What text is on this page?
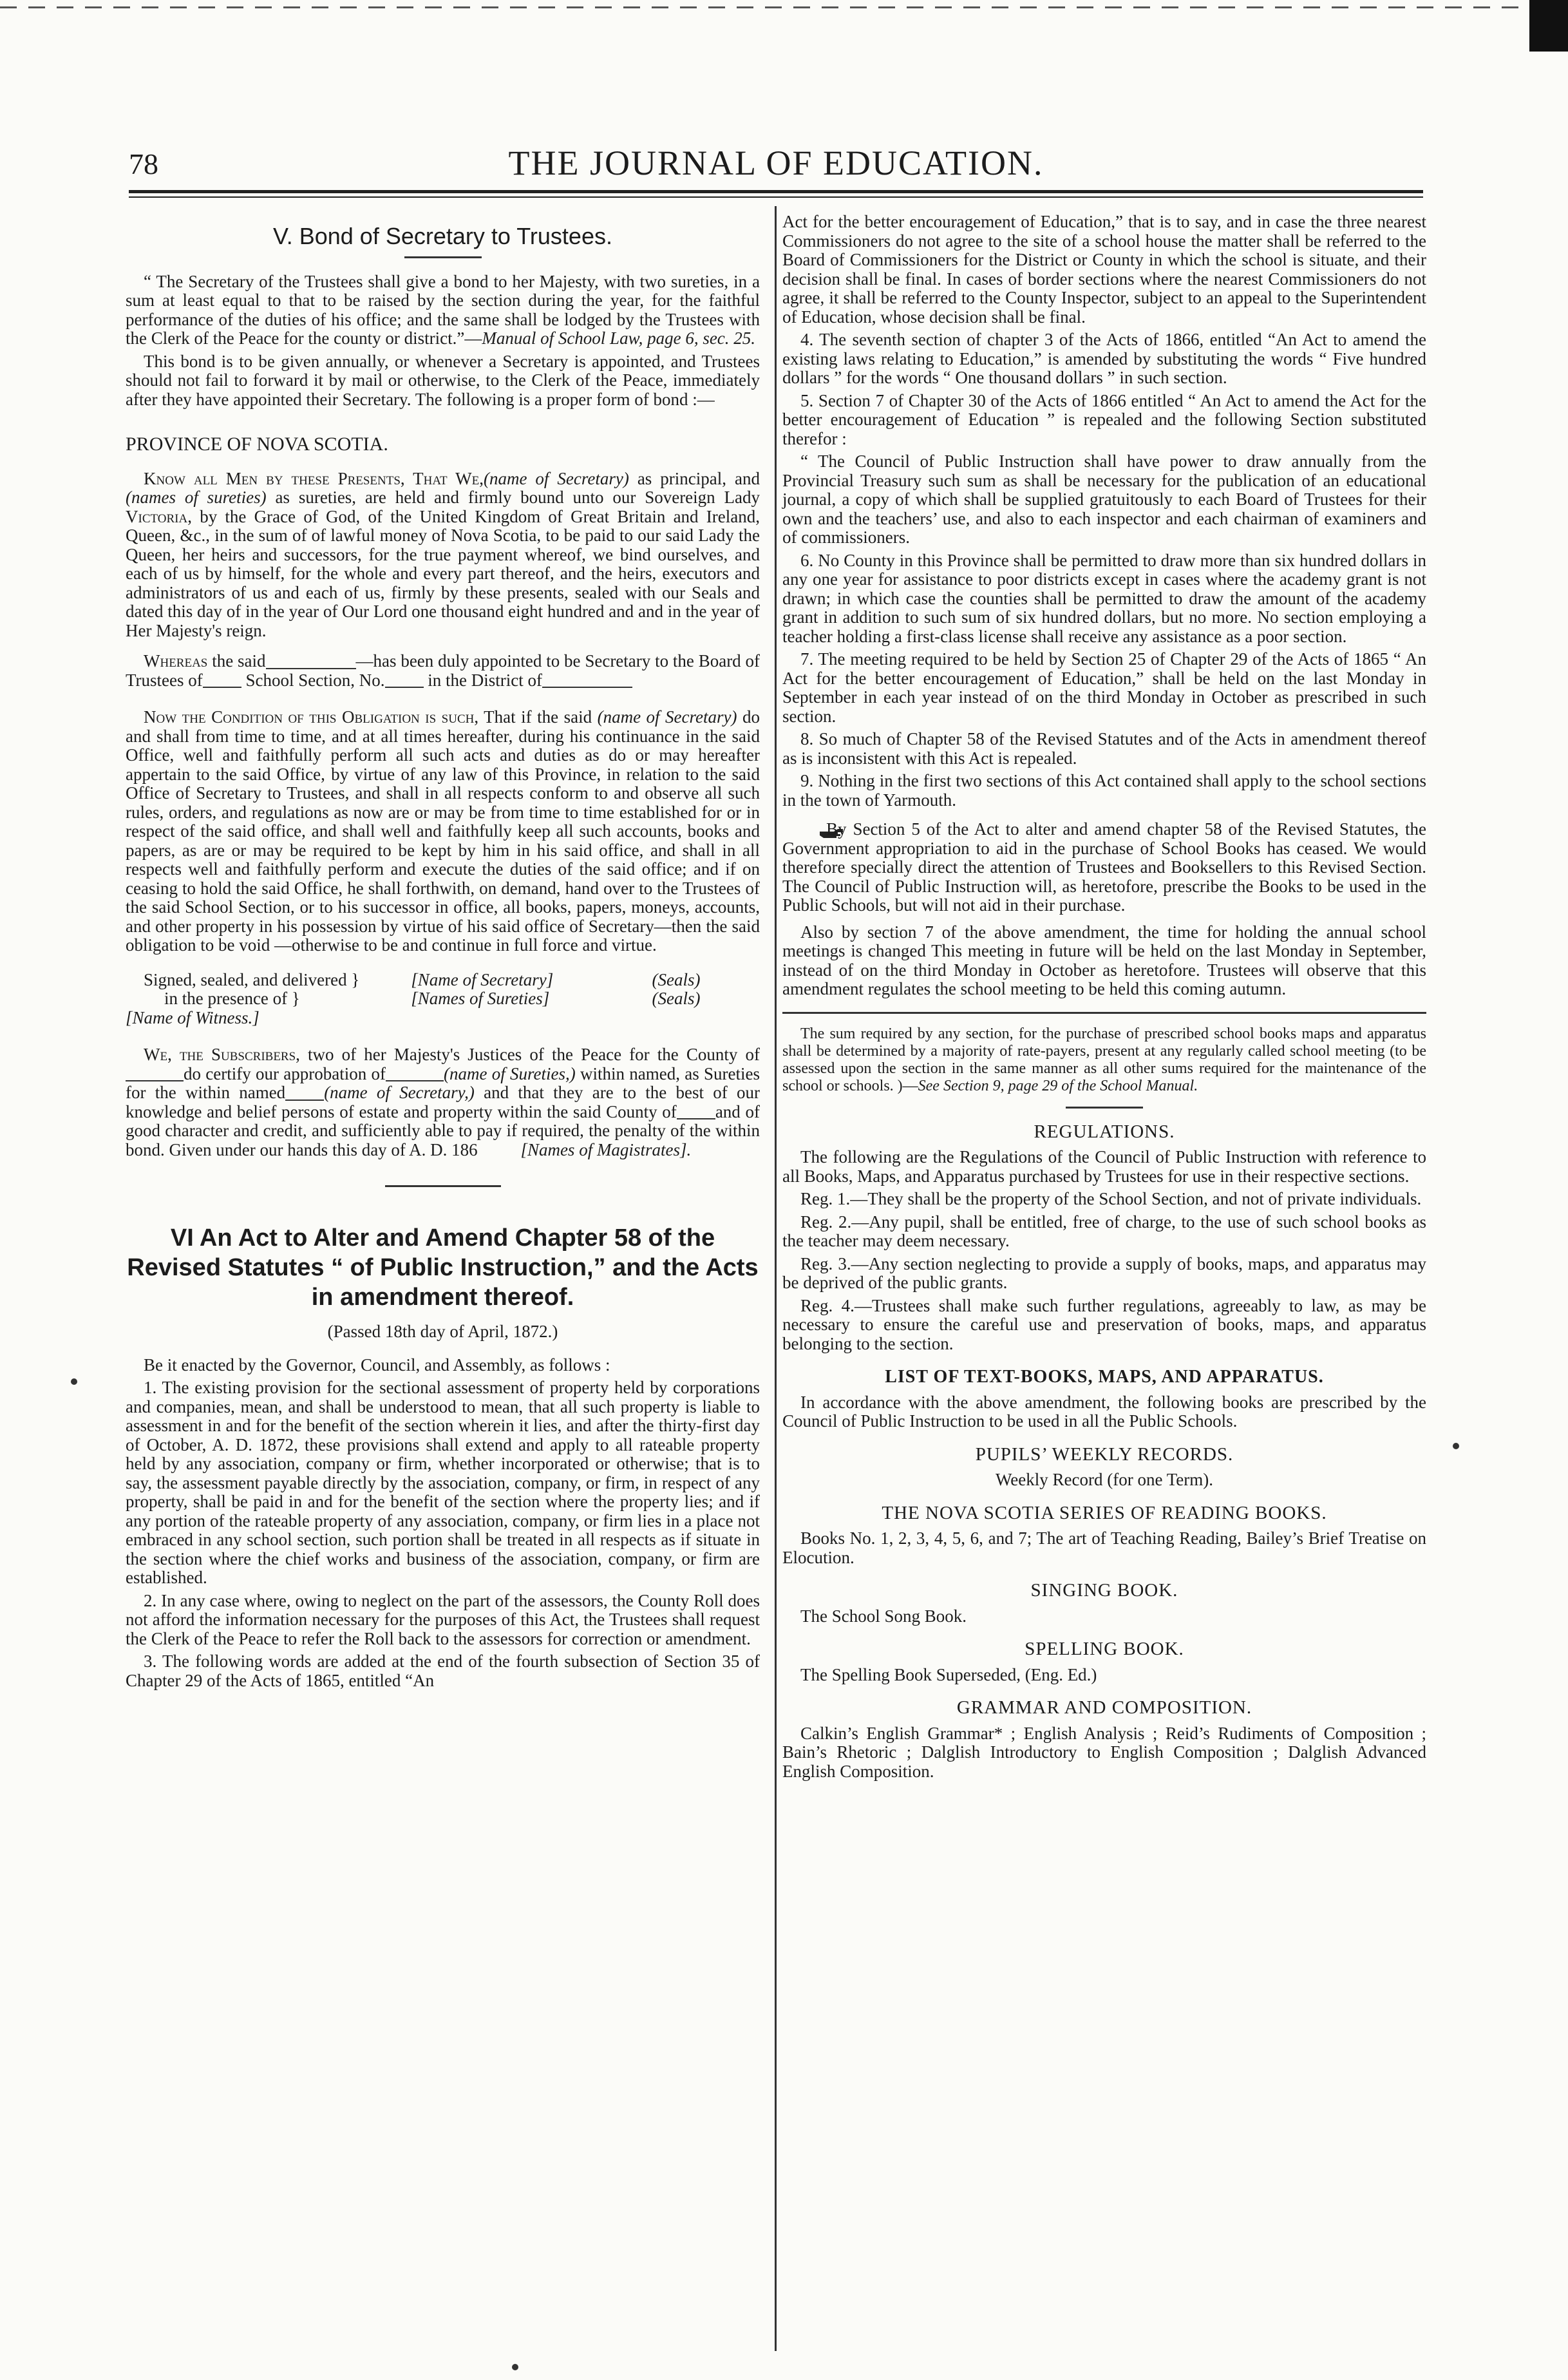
78	THE JOURNAL OF EDUCATION.
V. Bond of Secretary to Trustees.

“ The Secretary of the Trustees shall give a bond to her Majesty, with two sureties, in a sum at least equal to that to be raised by the section during the year, for the faithful performance of the duties of his office; and the same shall be lodged by the Trustees with the Clerk of the Peace for the county or district.”—Manual of School Law, page 6, sec. 25.

This bond is to be given annually, or whenever a Secretary is appointed, and Trustees should not fail to forward it by mail or otherwise, to the Clerk of the Peace, immediately after they have appointed their Secretary. The following is a proper form of bond :—

PROVINCE OF NOVA SCOTIA.

Know all Men by these Presents, That We,(name of Secretary) as principal, and (names of sureties) as sureties, are held and firmly bound unto our Sovereign Lady Victoria, by the Grace of God, of the United Kingdom of Great Britain and Ireland, Queen, &c., in the sum of of lawful money of Nova Scotia, to be paid to our said Lady the Queen, her heirs and successors, for the true payment whereof, we bind ourselves, and each of us by himself, for the whole and every part thereof, and the heirs, executors and administrators of us and each of us, firmly by these presents, sealed with our Seals and dated this day of in the year of Our Lord one thousand eight hundred and and in the year of Her Majesty's reign.

Whereas the said	—has been duly appointed to be Secretary to the Board of Trustees of School Section, No. in the District of

Now the Condition of this Obligation is such, That if the said (name of Secretary) do and shall from time to time, and at all times hereafter, during his continuance in the said Office, well and faithfully perform all such acts and duties as do or may hereafter appertain to the said Office, by virtue of any law of this Province, in relation to the said Office of Secretary to Trustees, and shall in all respects conform to and observe all such rules, orders, and regulations as now are or may be from time to time established for or in respect of the said office, and shall well and faithfully keep all such accounts, books and papers, as are or may be required to be kept by him in his said office, and shall in all respects well and faithfully perform and execute the duties of the said office; and if on ceasing to hold the said Office, he shall forthwith, on demand, hand over to the Trustees of the said School Section, or to his successor in office, all books, papers, moneys, accounts, and other property in his possession by virtue of his said office of Secretary—then the said obligation to be void —otherwise to be and continue in full force and virtue.

Signed, sealed, and delivered }	[Name of Secretary]	(Seals)
in the presence of }	[Names of Sureties]	(Seals)
[Name of Witness.]		

We, the Subscribers, two of her Majesty's Justices of the Peace for the County ofdo certify our approbation of	(name of Sureties,) within named, as Sureties for the within named (name of Secretary,) and that they are to the best of our knowledge and belief persons of estate and property within the said County of and of good character and credit, and sufficiently able to pay if required, the penalty of the within bond. Given under our hands this day of A. D. 186 [Names of Magistrates].

VI An Act to Alter and Amend Chapter 58 of the Revised Statutes “ of Public Instruction,” and the Acts in amendment thereof.

(Passed 18th day of April, 1872.)

Be it enacted by the Governor, Council, and Assembly, as follows :

1. The existing provision for the sectional assessment of property held by corporations and companies, mean, and shall be understood to mean, that all such property is liable to assessment in and for the benefit of the section wherein it lies, and after the thirty-first day of October, A. D. 1872, these provisions shall extend and apply to all rateable property held by any association, company or firm, whether incorporated or otherwise; that is to say, the assessment payable directly by the association, company, or firm, in respect of any property, shall be paid in and for the benefit of the section where the property lies; and if any portion of the rateable property of any association, company, or firm lies in a place not embraced in any school section, such portion shall be treated in all respects as if situate in the section where the chief works and business of the association, company, or firm are established.

2. In any case where, owing to neglect on the part of the assessors, the County Roll does not afford the information necessary for the purposes of this Act, the Trustees shall request the Clerk of the Peace to refer the Roll back to the assessors for correction or amendment.

3. The following words are added at the end of the fourth subsection of Section 35 of Chapter 29 of the Acts of 1865, entitled “An

Act for the better encouragement of Education,” that is to say, and in case the three nearest Commissioners do not agree to the site of a school house the matter shall be referred to the Board of Commissioners for the District or County in which the school is situate, and their decision shall be final. In cases of border sections where the nearest Commissioners do not agree, it shall be referred to the County Inspector, subject to an appeal to the Superintendent of Education, whose decision shall be final.

4. The seventh section of chapter 3 of the Acts of 1866, entitled “An Act to amend the existing laws relating to Education,” is amended by substituting the words “ Five hundred dollars ” for the words “ One thousand dollars ” in such section.

5. Section 7 of Chapter 30 of the Acts of 1866 entitled “ An Act to amend the Act for the better encouragement of Education ” is repealed and the following Section substituted therefor :

“ The Council of Public Instruction shall have power to draw annually from the Provincial Treasury such sum as shall be necessary for the publication of an educational journal, a copy of which shall be supplied gratuitously to each Board of Trustees for their own and the teachers’ use, and also to each inspector and each chairman of examiners and of commissioners.

6. No County in this Province shall be permitted to draw more than six hundred dollars in any one year for assistance to poor districts except in cases where the academy grant is not drawn; in which case the counties shall be permitted to draw the amount of the academy grant in addition to such sum of six hundred dollars, but no more. No section employing a teacher holding a first-class license shall receive any assistance as a poor section.

7. The meeting required to be held by Section 25 of Chapter 29 of the Acts of 1865 “ An Act for the better encouragement of Education,” shall be held on the last Monday in September in each year instead of on the third Monday in October as prescribed in such section.

8. So much of Chapter 58 of the Revised Statutes and of the Acts in amendment thereof as is inconsistent with this Act is repealed.

9. Nothing in the first two sections of this Act contained shall apply to the school sections in the town of Yarmouth.

By Section 5 of the Act to alter and amend chapter 58 of the Revised Statutes, the Government appropriation to aid in the purchase of School Books has ceased. We would therefore specially direct the attention of Trustees and Booksellers to this Revised Section. The Council of Public Instruction will, as heretofore, prescribe the Books to be used in the Public Schools, but will not aid in their purchase.

Also by section 7 of the above amendment, the time for holding the annual school meetings is changed This meeting in future will be held on the last Monday in September, instead of on the third Monday in October as heretofore. Trustees will observe that this amendment regulates the school meeting to be held this coming autumn.

The sum required by any section, for the purchase of prescribed school books maps and apparatus shall be determined by a majority of rate-payers, present at any regularly called school meeting (to be assessed upon the section in the same manner as all other sums required for the maintenance of the school or schools. )—See Section 9, page 29 of the School Manual.

REGULATIONS.

The following are the Regulations of the Council of Public Instruction with reference to all Books, Maps, and Apparatus purchased by Trustees for use in their respective sections.

Reg. 1.—They shall be the property of the School Section, and not of private individuals.

Reg. 2.—Any pupil, shall be entitled, free of charge, to the use of such school books as the teacher may deem necessary.

Reg. 3.—Any section neglecting to provide a supply of books, maps, and apparatus may be deprived of the public grants.

Reg. 4.—Trustees shall make such further regulations, agreeably to law, as may be necessary to ensure the careful use and preservation of books, maps, and apparatus belonging to the section.

LIST OF TEXT-BOOKS, MAPS, AND APPARATUS.

In accordance with the above amendment, the following books are prescribed by the Council of Public Instruction to be used in all the Public Schools.

PUPILS’ WEEKLY RECORDS.

Weekly Record (for one Term).

THE NOVA SCOTIA SERIES OF READING BOOKS.

Books No. 1, 2, 3, 4, 5, 6, and 7; The art of Teaching Reading, Bailey’s Brief Treatise on Elocution.

SINGING BOOK.

The School Song Book.

SPELLING BOOK.

The Spelling Book Superseded, (Eng. Ed.)

GRAMMAR AND COMPOSITION.

Calkin’s English Grammar* ; English Analysis ; Reid’s Rudiments of Composition ; Bain’s Rhetoric ; Dalglish Introductory to English Composition ; Dalglish Advanced English Composition.
